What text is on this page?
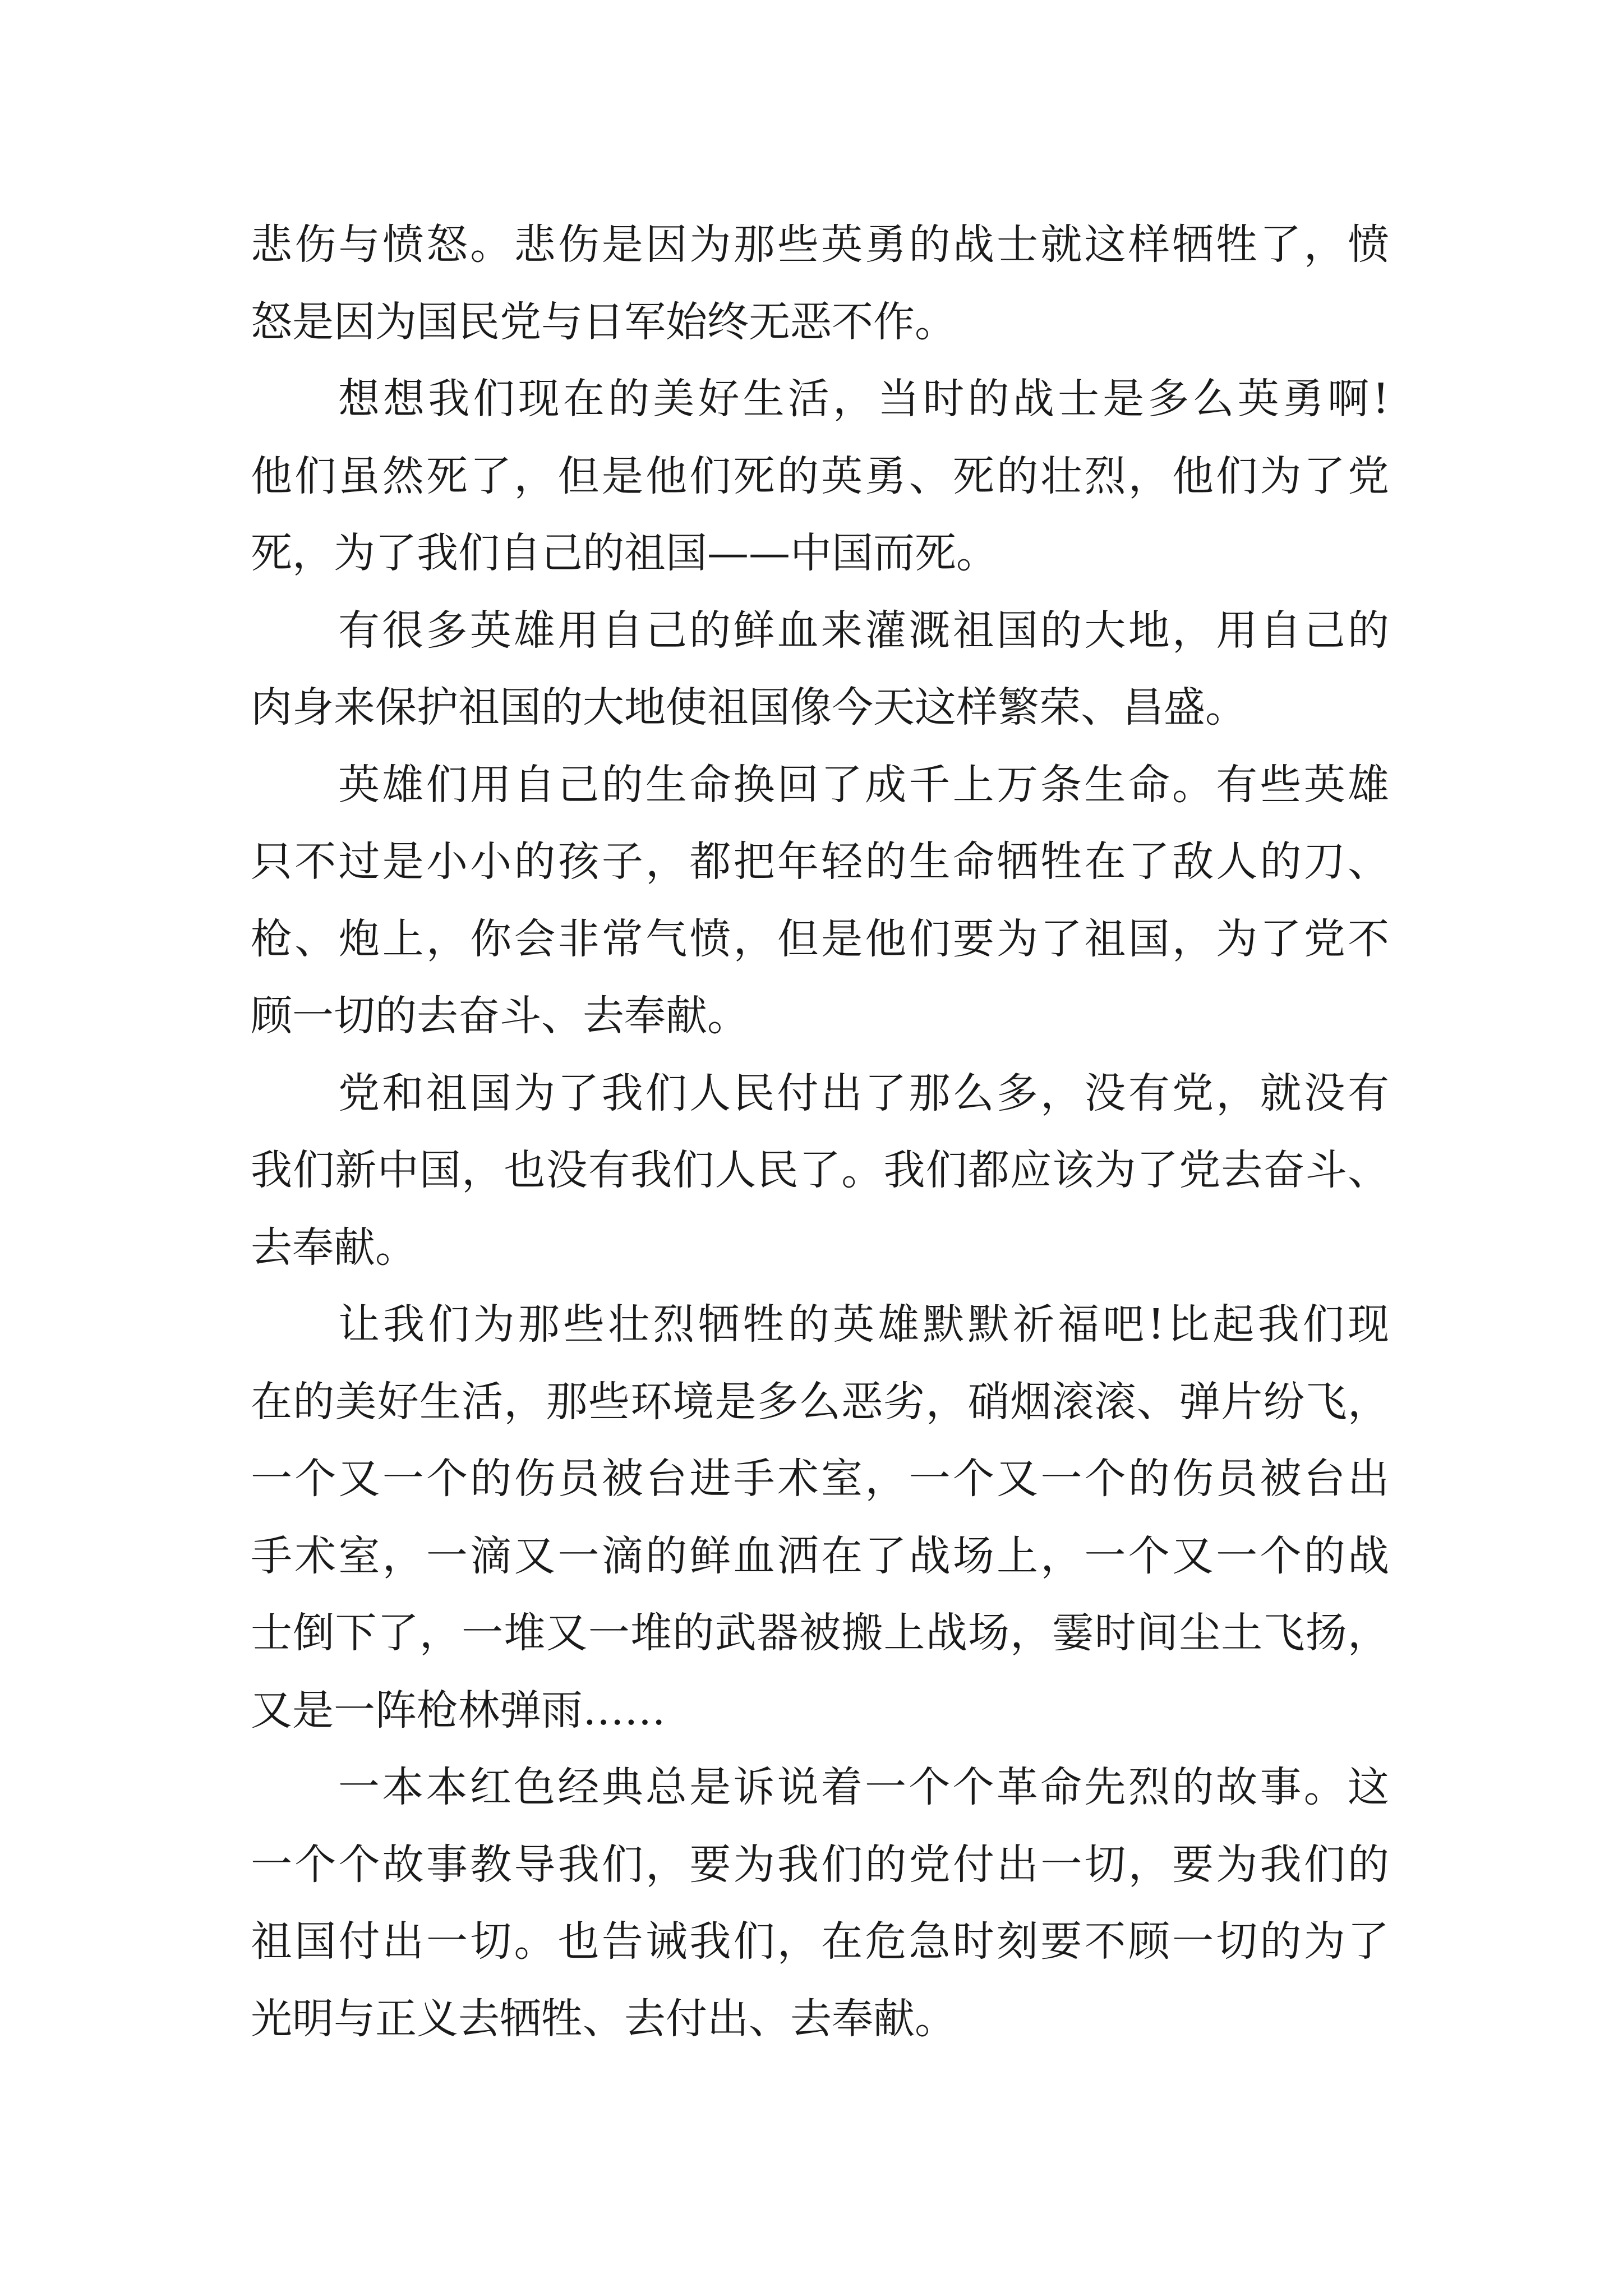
悲伤与愤怒。悲伤是因为那些英勇的战士就这样牺牲了，愤
怒是因为国民党与日军始终无恶不作。
想想我们现在的美好生活，当时的战士是多么英勇啊!
他们虽然死了，但是他们死的英勇、死的壮烈，他们为了党
死，为了我们自己的祖国——中国而死。
有很多英雄用自己的鲜血来灌溉祖国的大地，用自己的
肉身来保护祖国的大地使祖国像今天这样繁荣、昌盛。
英雄们用自己的生命换回了成千上万条生命。有些英雄
只不过是小小的孩子，都把年轻的生命牺牲在了敌人的刀、
枪、炮上，你会非常气愤，但是他们要为了祖国，为了党不
顾一切的去奋斗、去奉献。
党和祖国为了我们人民付出了那么多，没有党，就没有
我们新中国，也没有我们人民了。我们都应该为了党去奋斗、
去奉献。
让我们为那些壮烈牺牲的英雄默默祈福吧!比起我们现
在的美好生活，那些环境是多么恶劣，硝烟滚滚、弹片纷飞，
一个又一个的伤员被台进手术室，一个又一个的伤员被台出
手术室，一滴又一滴的鲜血洒在了战场上，一个又一个的战
士倒下了，一堆又一堆的武器被搬上战场，霎时间尘土飞扬，
又是一阵枪林弹雨……
一本本红色经典总是诉说着一个个革命先烈的故事。这
一个个故事教导我们，要为我们的党付出一切，要为我们的
祖国付出一切。也告诫我们，在危急时刻要不顾一切的为了
光明与正义去牺牲、去付出、去奉献。
